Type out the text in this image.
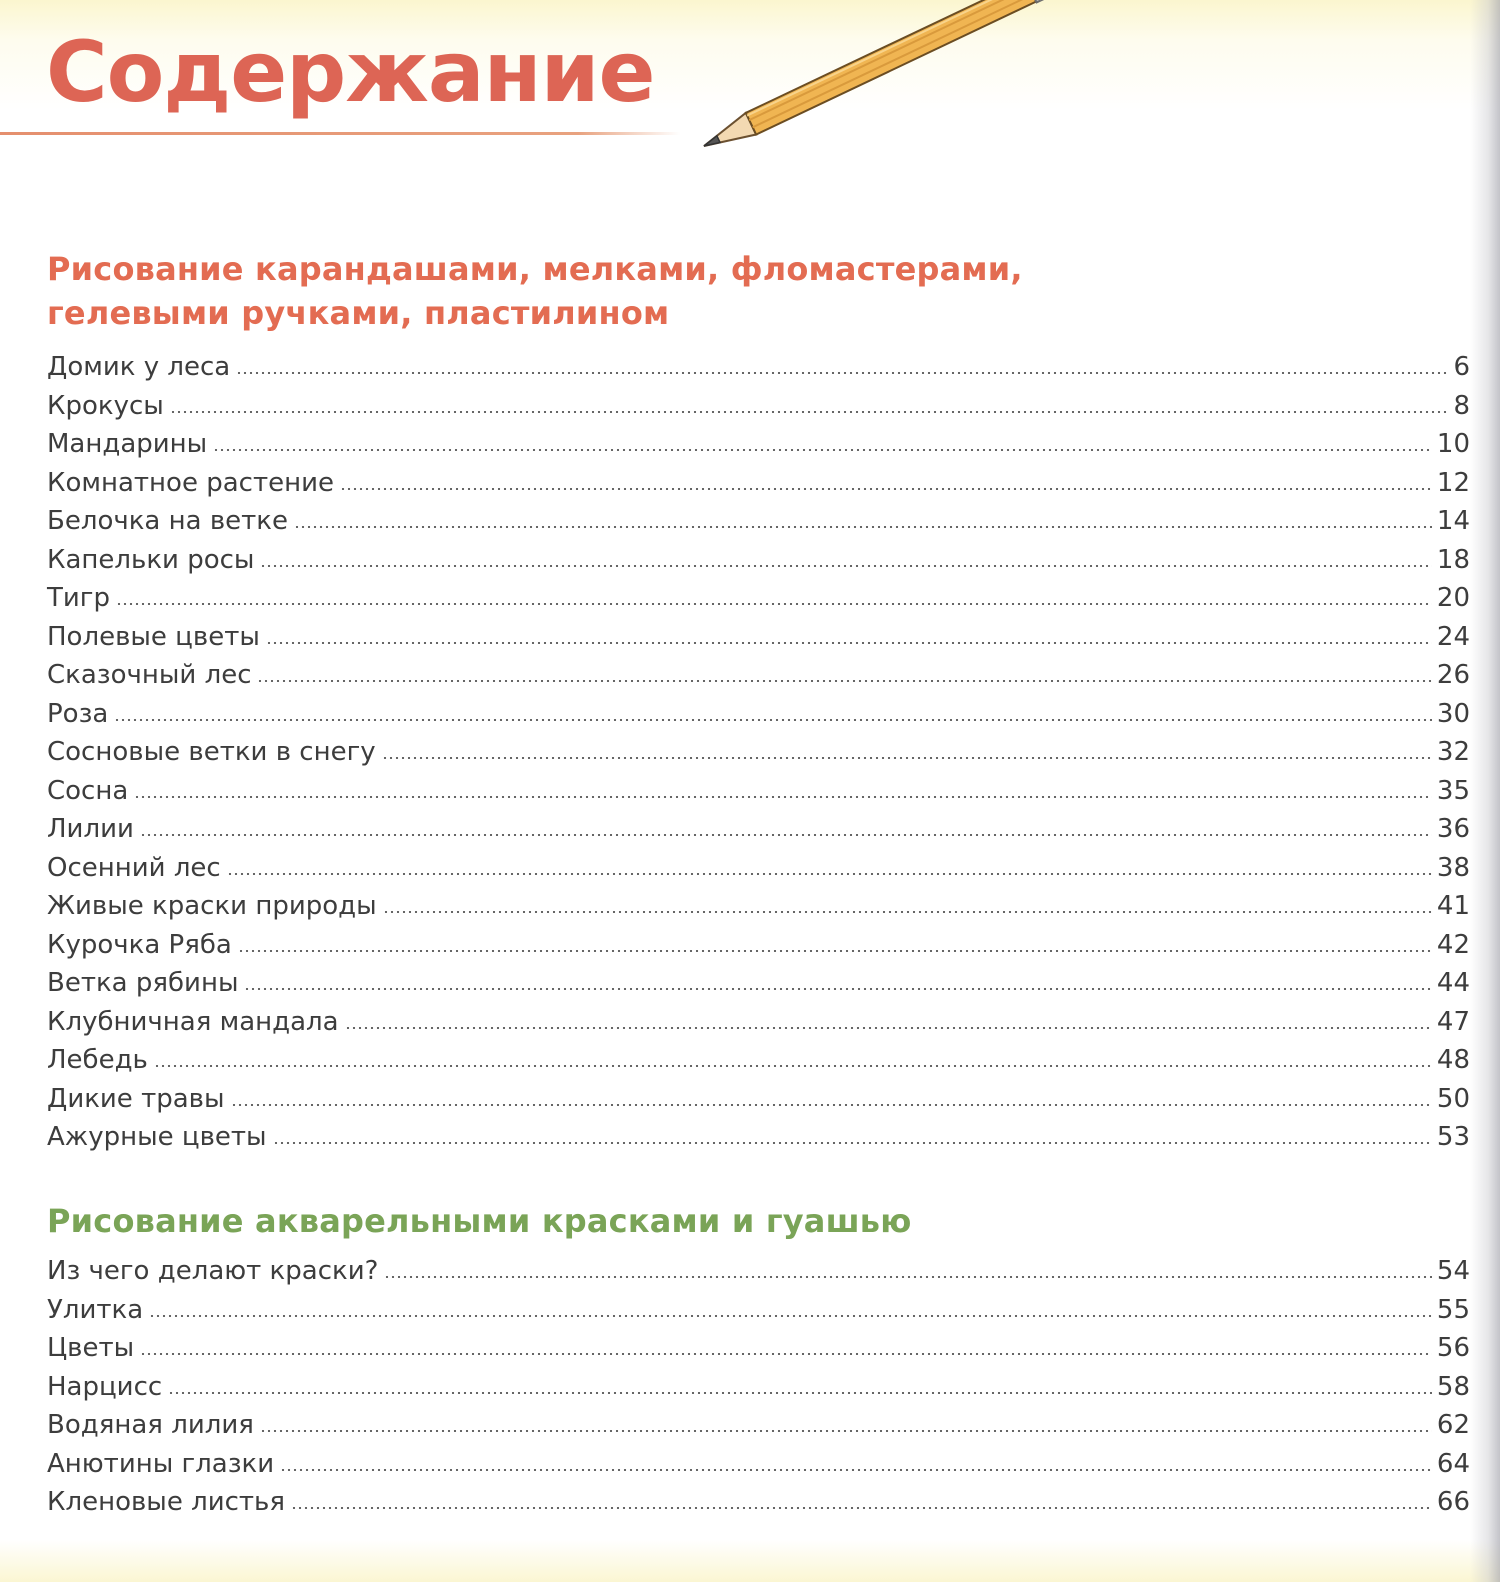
Содержание
Рисование карандашами, мелками, фломастерами,
гелевыми ручками, пластилином
Домик у леса	6
Крокусы	8
Мандарины	10
Комнатное растение	12
Белочка на ветке	14
Капельки росы	18
Тигр	20
Полевые цветы	24
Сказочный лес	26
Роза	30
Сосновые ветки в снегу	32
Сосна	35
Лилии	36
Осенний лес	38
Живые краски природы	41
Курочка Ряба	42
Ветка рябины	44
Клубничная мандала	47
Лебедь	48
Дикие травы	50
Ажурные цветы	53
Рисование акварельными красками и гуашью
Из чего делают краски?	54
Улитка	55
Цветы	56
Нарцисс	58
Водяная лилия	62
Анютины глазки	64
Кленовые листья	66
